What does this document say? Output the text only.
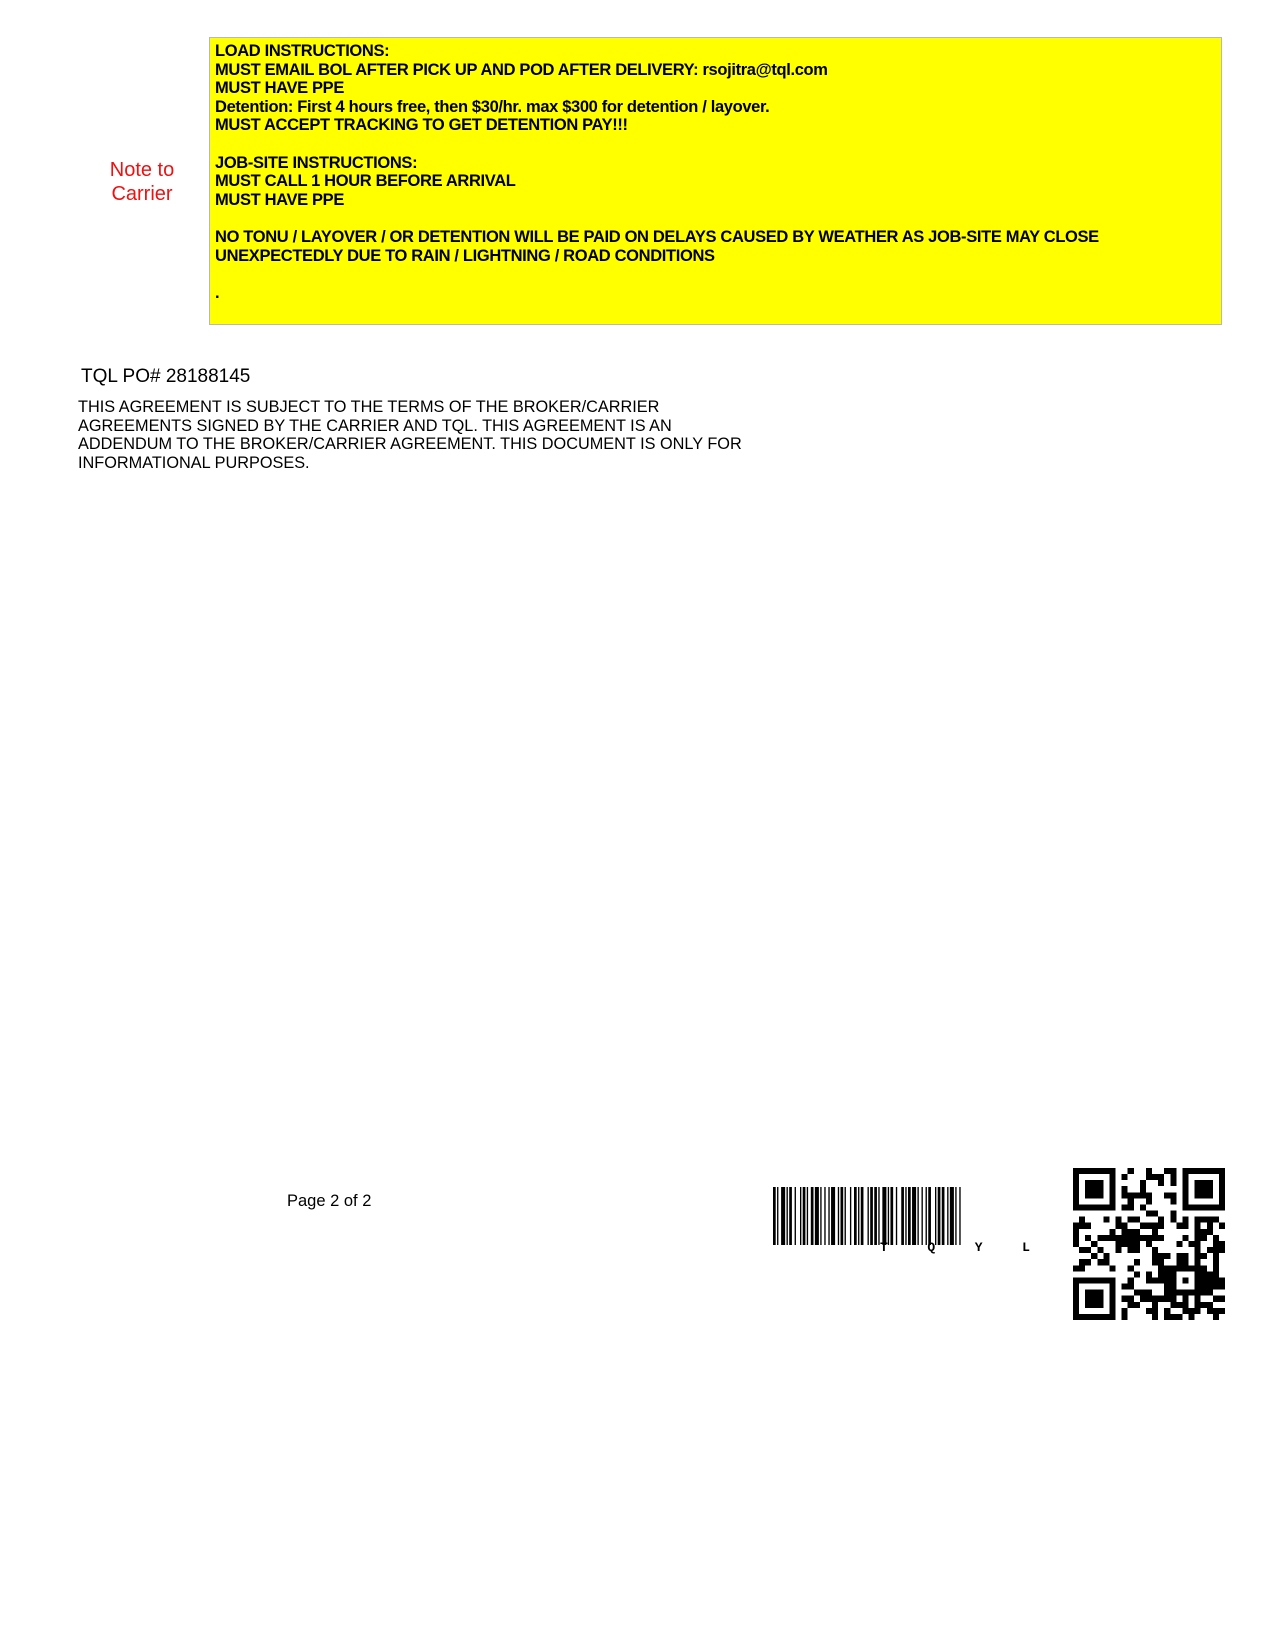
Note to
Carrier
LOAD INSTRUCTIONS:
MUST EMAIL BOL AFTER PICK UP AND POD AFTER DELIVERY: rsojitra@tql.com
MUST HAVE PPE
Detention: First 4 hours free, then $30/hr. max $300 for detention / layover.
MUST ACCEPT TRACKING TO GET DETENTION PAY!!!
JOB-SITE INSTRUCTIONS:
MUST CALL 1 HOUR BEFORE ARRIVAL
MUST HAVE PPE
NO TONU / LAYOVER / OR DETENTION WILL BE PAID ON DELAYS CAUSED BY WEATHER AS JOB-SITE MAY CLOSE
UNEXPECTEDLY DUE TO RAIN / LIGHTNING / ROAD CONDITIONS
.
TQL PO# 28188145
THIS AGREEMENT IS SUBJECT TO THE TERMS OF THE BROKER/CARRIER
AGREEMENTS SIGNED BY THE CARRIER AND TQL. THIS AGREEMENT IS AN
ADDENDUM TO THE BROKER/CARRIER AGREEMENT. THIS DOCUMENT IS ONLY FOR
INFORMATIONAL PURPOSES.
Page 2 of 2
T	Q	Y	L
